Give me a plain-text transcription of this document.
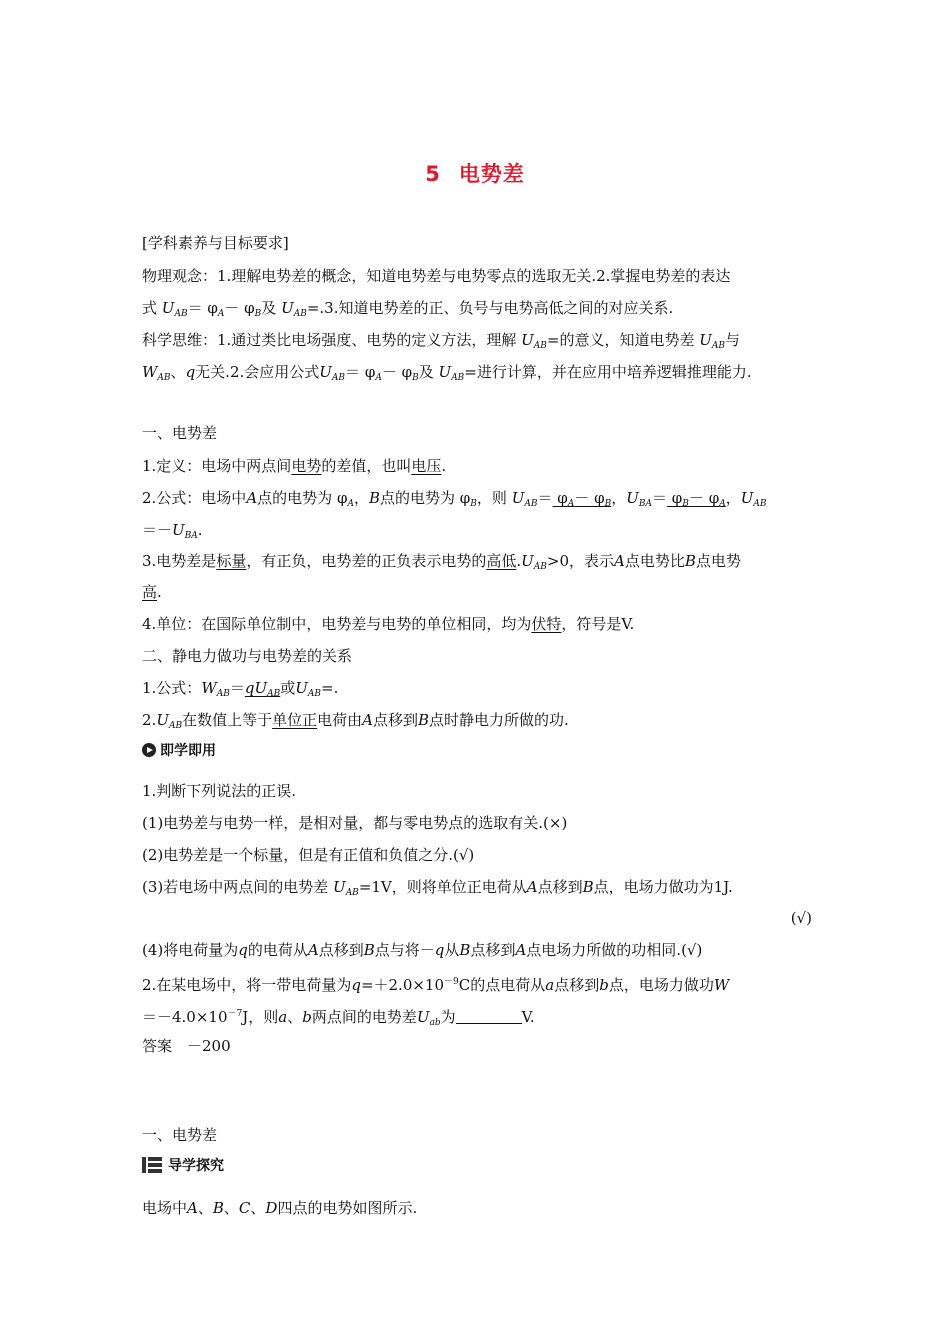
5 电势差
[学科素养与目标要求]
物理观念：1.理解电势差的概念，知道电势差与电势零点的选取无关.2.掌握电势差的表达
式 $U_{AB}= \varphi_A- \varphi_B$及 $U_{AB}=.3$.知道电势差的正、负号与电势高低之间的对应关系.
科学思维：1.通过类比电场强度、电势的定义方法，理解 $U_{AB}=$的意义，知道电势差 $U_{AB}$与
$W_{AB}$、q无关.2.会应用公式$U_{AB}= \varphi_A- \varphi_B$及 $U_{AB}=$进行计算，并在应用中培养逻辑推理能力.
一、电势差
1.定义：电场中两点间电势的差值，也叫电压.
2.公式：电场中A点的电势为 $\varphi_A$，B点的电势为 $\varphi_B$，则 $U_{AB}= \varphi_A- \varphi_B$，$U_{BA}= \varphi_B- \varphi_A$，$U_{AB}$
$=-U_{BA}$.
3.电势差是标量，有正负，电势差的正负表示电势的高低$.U_{AB}>0$，表示A点电势比B点电势
高.
4.单位：在国际单位制中，电势差与电势的单位相同，均为伏特，符号是V.
二、静电力做功与电势差的关系
1.公式：$W_{AB}=qU_{AB}$或$U_{AB}=$.
$2.U_{AB}$在数值上等于单位正电荷由A点移到B点时静电力所做的功.
即学即用
1.判断下列说法的正误.
(1)电势差与电势一样，是相对量，都与零电势点的选取有关.(×)
(2)电势差是一个标量，但是有正值和负值之分.(√)
(3)若电场中两点间的电势差 $U_{AB}=1V$，则将单位正电荷从A点移到B点，电场力做功为1J.
(√)
(4)将电荷量为q的电荷从A点移到B点与将－q从B点移到A点电场力所做的功相同.(√)
2.在某电场中，将一带电荷量为$q=+2.0\times 10^{-9}C$的点电荷从a点移到b点，电场力做功W
$=-4.0\times 10^{-7}J$，则a、b两点间的电势差$U_{ab}$为	V.
答案　－200
一、电势差
导学探究
电场中A、B、C、D四点的电势如图所示.
